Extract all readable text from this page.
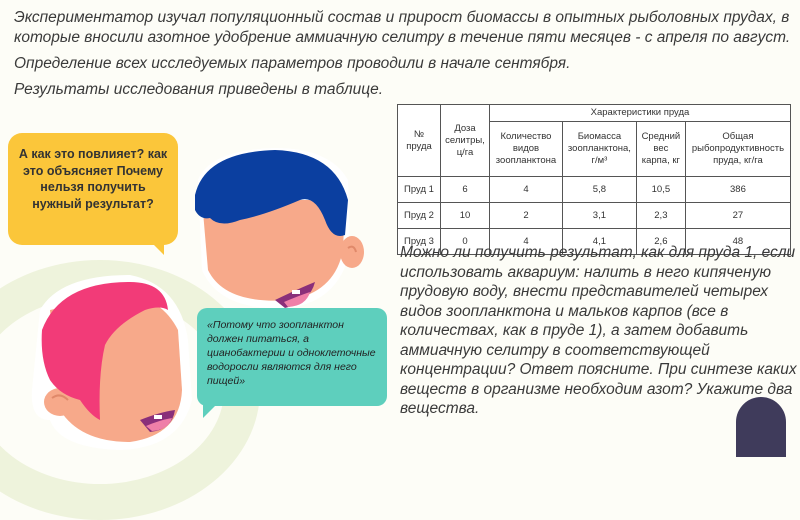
Экспериментатор изучал популяционный состав и прирост биомассы в опытных рыболовных прудах, в которые вносили азотное удобрение аммиачную селитру в течение пяти месяцев - с апреля по август.

Определение всех исследуемых параметров проводили в начале сентября.

Результаты исследования приведены в таблице.

№ пруда	Доза селитры, ц/га	Характеристики пруда			
		Количество видов зоопланктона	Биомасса зоопланктона, г/м³	Средний вес карпа, кг	Общая рыбопродуктивность пруда, кг/га
Пруд 1	6	4	5,8	10,5	386
Пруд 2	10	2	3,1	2,3	27
Пруд 3	0	4	4,1	2,6	48
А как это повлияет? как это объясняет Почему нельзя получить нужный результат?
«Потому что зоопланктон должен питаться, а цианобактерии и одноклеточные водоросли являются для него пищей»

Можно ли получить результат, как для пруда 1, если использовать аквариум: налить в него кипяченую прудовую воду, внести представителей четырех видов зоопланктона и мальков карпов (все в количествах, как в пруде 1), а затем добавить аммиачную селитру в соответствующей концентрации? Ответ поясните. При синтезе каких веществ в организме необходим азот? Укажите два вещества.
